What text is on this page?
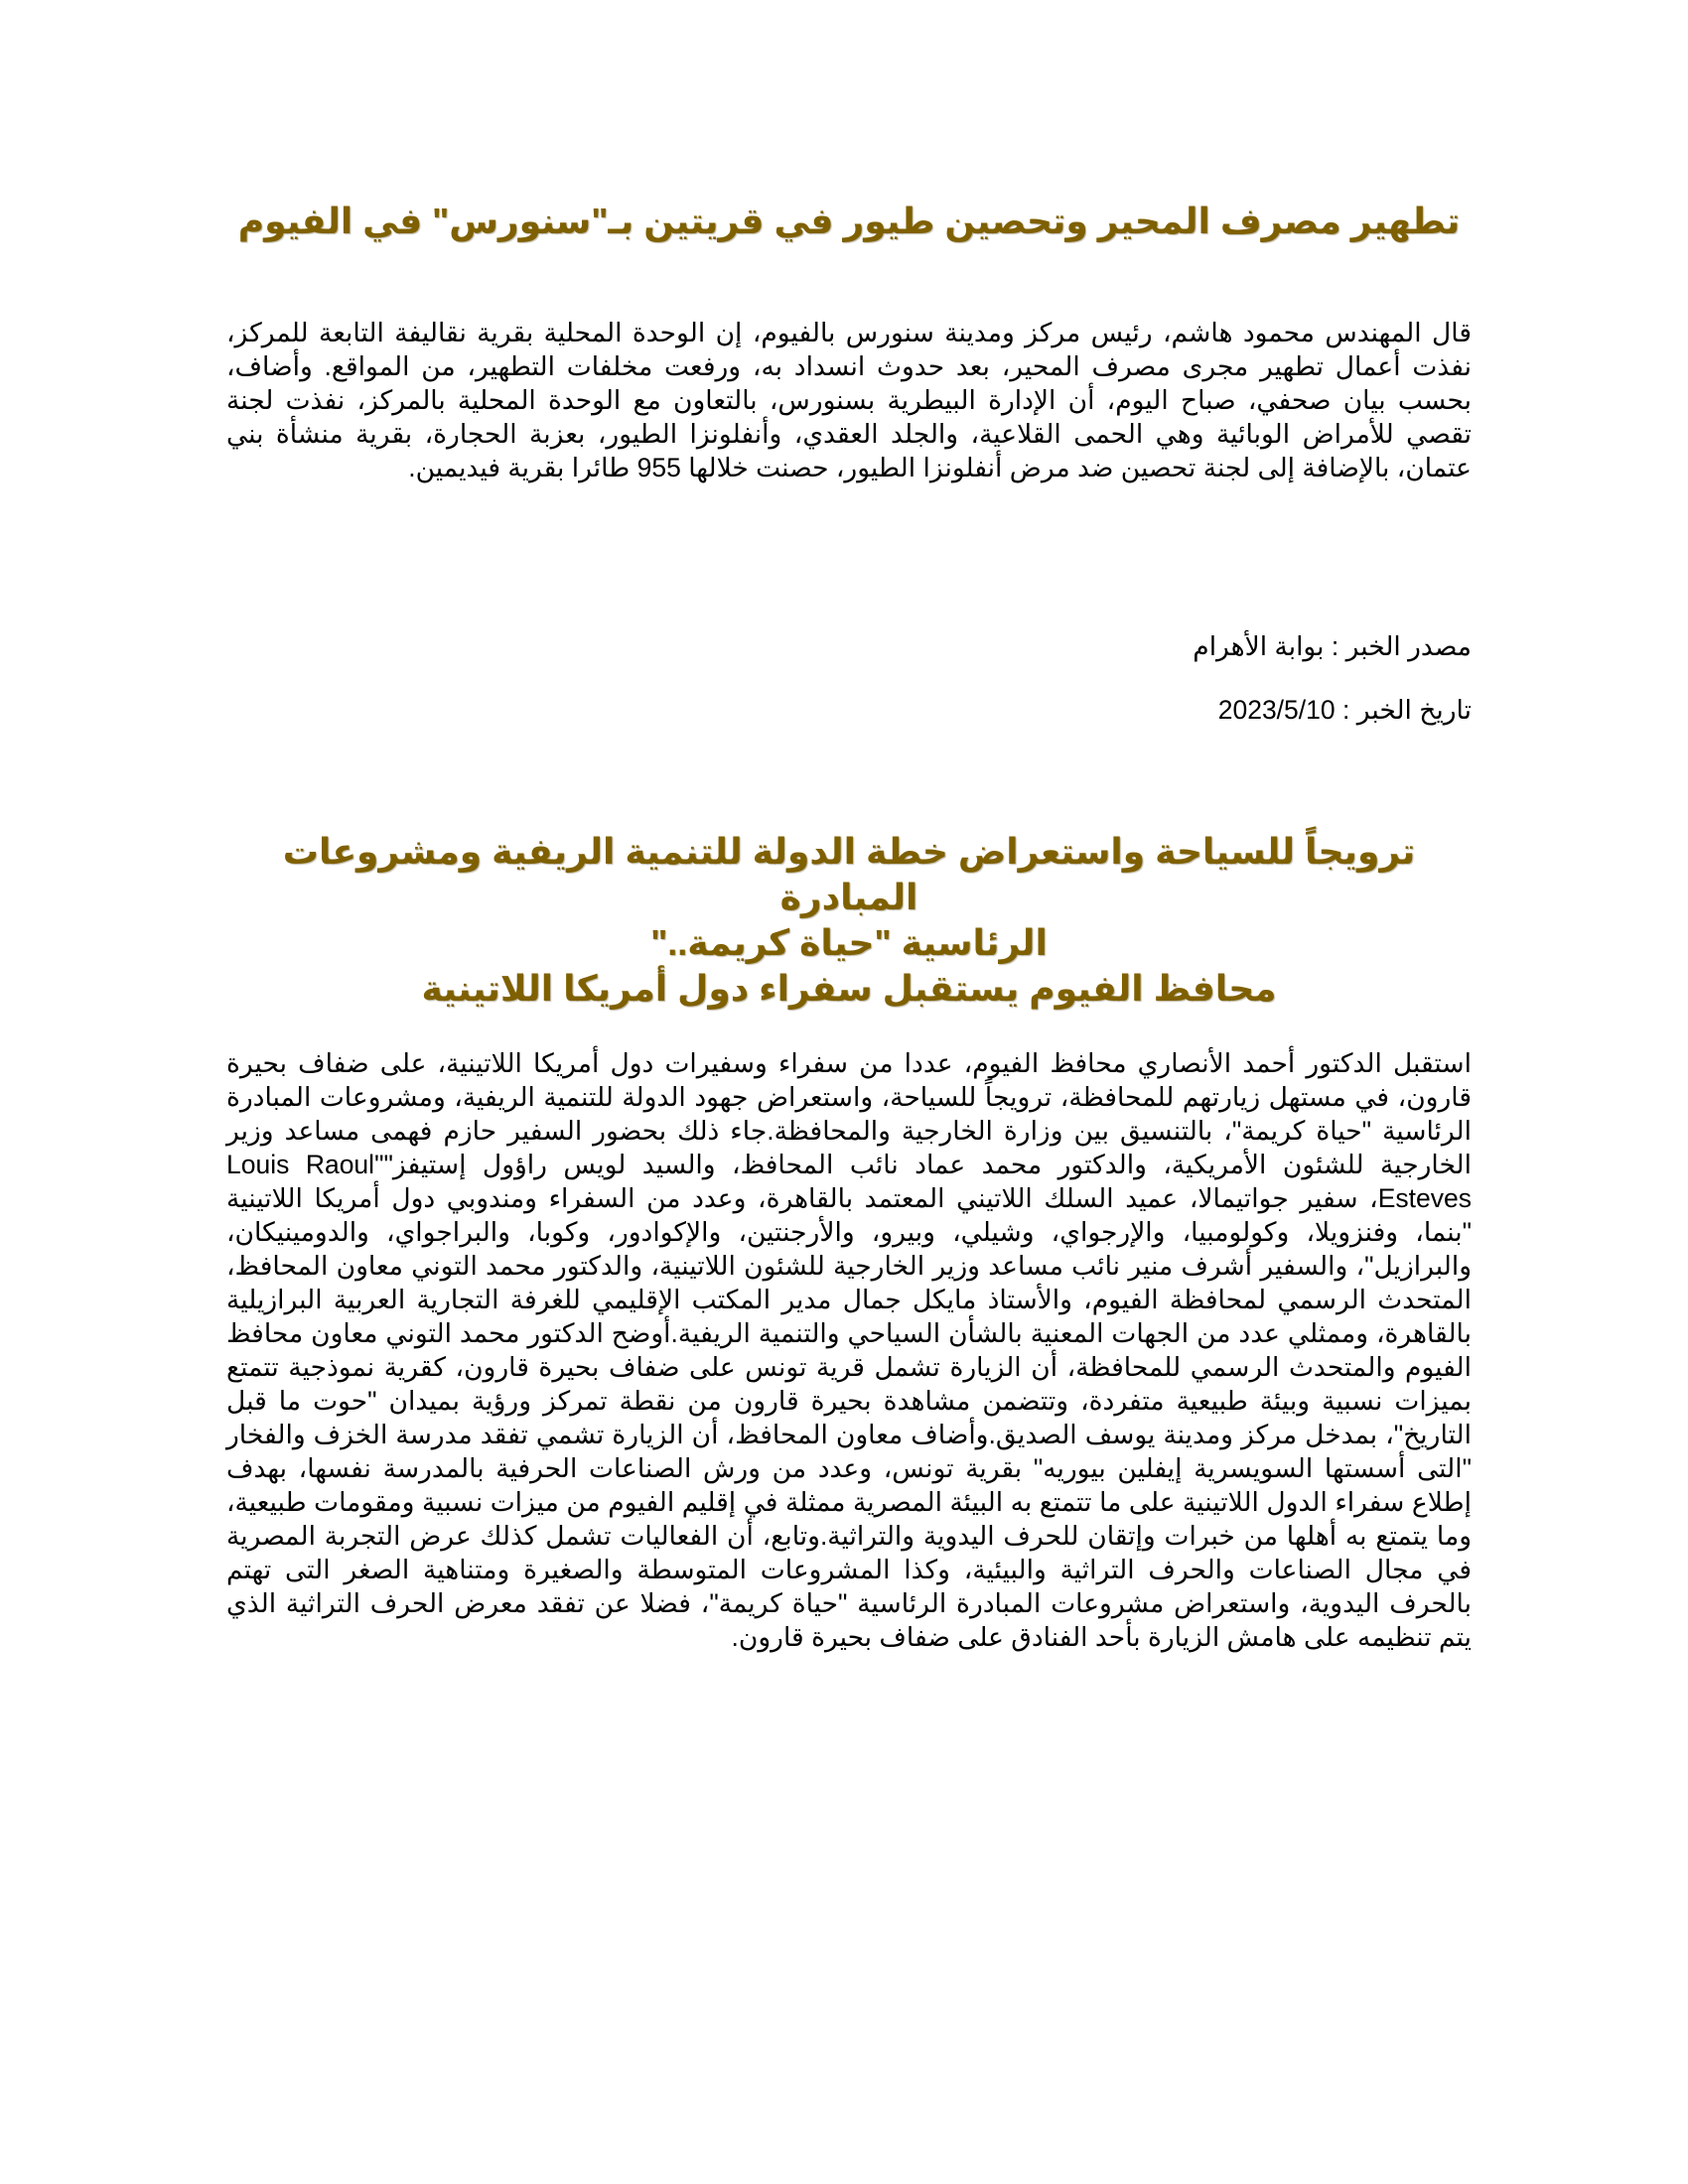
تطهير مصرف المحير وتحصين طيور في قريتين بـ"سنورس" في الفيوم

قال المهندس محمود هاشم، رئيس مركز ومدينة سنورس بالفيوم، إن الوحدة المحلية بقرية نقاليفة التابعة للمركز، نفذت أعمال تطهير مجرى مصرف المحير، بعد حدوث انسداد به، ورفعت مخلفات التطهير، من المواقع. وأضاف، بحسب بيان صحفي، صباح اليوم، أن الإدارة البيطرية بسنورس، بالتعاون مع الوحدة المحلية بالمركز، نفذت لجنة تقصي للأمراض الوبائية وهي الحمى القلاعية، والجلد العقدي، وأنفلونزا الطيور، بعزبة الحجارة، بقرية منشأة بني عتمان، بالإضافة إلى لجنة تحصين ضد مرض أنفلونزا الطيور، حصنت خلالها 955 طائرا بقرية فيديمين.

مصدر الخبر : بوابة الأهرام

تاريخ الخبر : 2023/5/10

ترويجاً للسياحة واستعراض خطة الدولة للتنمية الريفية ومشروعات المبادرة
الرئاسية "حياة كريمة.."
محافظ الفيوم يستقبل سفراء دول أمريكا اللاتينية

استقبل الدكتور أحمد الأنصاري محافظ الفيوم، عددا من سفراء وسفيرات دول أمريكا اللاتينية، على ضفاف بحيرة قارون، في مستهل زيارتهم للمحافظة، ترويجاً للسياحة، واستعراض جهود الدولة للتنمية الريفية، ومشروعات المبادرة الرئاسية "حياة كريمة"، بالتنسيق بين وزارة الخارجية والمحافظة.جاء ذلك بحضور السفير حازم فهمى مساعد وزير الخارجية للشئون الأمريكية، والدكتور محمد عماد نائب المحافظ، والسيد لويس راؤول إستيفز""Louis Raoul Esteves، سفير جواتيمالا، عميد السلك اللاتيني المعتمد بالقاهرة، وعدد من السفراء ومندوبي دول أمريكا اللاتينية "بنما، وفنزويلا، وكولومبيا، والإرجواي، وشيلي، وبيرو، والأرجنتين، والإكوادور، وكوبا، والبراجواي، والدومينيكان، والبرازيل"، والسفير أشرف منير نائب مساعد وزير الخارجية للشئون اللاتينية، والدكتور محمد التوني معاون المحافظ، المتحدث الرسمي لمحافظة الفيوم، والأستاذ مايكل جمال مدير المكتب الإقليمي للغرفة التجارية العربية البرازيلية بالقاهرة، وممثلي عدد من الجهات المعنية بالشأن السياحي والتنمية الريفية.أوضح الدكتور محمد التوني معاون محافظ الفيوم والمتحدث الرسمي للمحافظة، أن الزيارة تشمل قرية تونس على ضفاف بحيرة قارون، كقرية نموذجية تتمتع بميزات نسبية وبيئة طبيعية متفردة، وتتضمن مشاهدة بحيرة قارون من نقطة تمركز ورؤية بميدان "حوت ما قبل التاريخ"، بمدخل مركز ومدينة يوسف الصديق.وأضاف معاون المحافظ، أن الزيارة تشمي تفقد مدرسة الخزف والفخار "التى أسستها السويسرية إيفلين بيوريه" بقرية تونس، وعدد من ورش الصناعات الحرفية بالمدرسة نفسها، بهدف إطلاع سفراء الدول اللاتينية على ما تتمتع به البيئة المصرية ممثلة في إقليم الفيوم من ميزات نسبية ومقومات طبيعية، وما يتمتع به أهلها من خبرات وإتقان للحرف اليدوية والتراثية.وتابع، أن الفعاليات تشمل كذلك عرض التجربة المصرية في مجال الصناعات والحرف التراثية والبيئية، وكذا المشروعات المتوسطة والصغيرة ومتناهية الصغر التى تهتم بالحرف اليدوية، واستعراض مشروعات المبادرة الرئاسية "حياة كريمة"، فضلا عن تفقد معرض الحرف التراثية الذي يتم تنظيمه على هامش الزيارة بأحد الفنادق على ضفاف بحيرة قارون.
